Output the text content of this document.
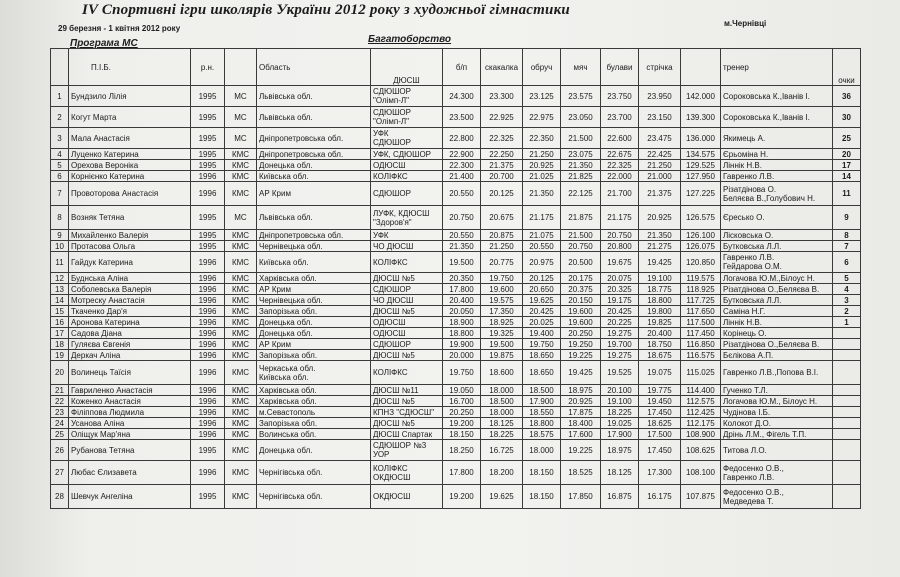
IV Спортивні ігри школярів України 2012 року з художньої гімнастики
29 березня - 1 квітня 2012 року
м.Чернівці
Програма МС	Багатоборство
	П.І.Б.	р.н.		Область	ДЮСШ	б/п	скакалка	обруч	мяч	булави	стрічка		тренер	очки
1	Бундзило Лілія	1995	МС	Львівська обл.	СДЮШОР
"Олімп-Л"	24.300	23.300	23.125	23.575	23.750	23.950	142.000	Сороковська К.,Іванів І.	36
2	Когут Марта	1995	МС	Львівська обл.	СДЮШОР
"Олімп-Л"	23.500	22.925	22.975	23.050	23.700	23.150	139.300	Сороковська К.,Іванів І.	30
3	Мала Анастасія	1995	МС	Дніпропетровська обл.	УФК
СДЮШОР	22.800	22.325	22.350	21.500	22.600	23.475	136.000	Якимець А.	25
4	Луценко Катерина	1995	КМС	Дніпропетровська обл.	УФК, СДЮШОР	22.900	22.250	21.250	23.075	22.675	22.425	134.575	Єрьоміна Н.	20
5	Орехова Вероніка	1995	КМС	Донецька обл.	ОДЮСШ	22.300	21.375	20.925	21.350	22.325	21.250	129.525	Ліннік Н.В.	17
6	Корнієнко Катерина	1996	КМС	Київська обл.	КОЛІФКС	21.400	20.700	21.025	21.825	22.000	21.000	127.950	Гавренко Л.В.	14
7	Провоторова Анастасія	1996	КМС	АР Крим	СДЮШОР	20.550	20.125	21.350	22.125	21.700	21.375	127.225	Різатдінова О.
Беляєва В.,Голубович Н.	11
8	Возняк Тетяна	1995	МС	Львівська обл.	ЛУФК, КДЮСШ
"Здоров'я"	20.750	20.675	21.175	21.875	21.175	20.925	126.575	Єресько О.	9
9	Михайленко Валерія	1995	КМС	Дніпропетровська обл.	УФК	20.550	20.875	21.075	21.500	20.750	21.350	126.100	Лісковська О.	8
10	Протасова Ольга	1995	КМС	Чернівецька обл.	ЧО ДЮСШ	21.350	21.250	20.550	20.750	20.800	21.275	126.075	Бутковська Л.Л.	7
11	Гайдук Катерина	1996	КМС	Київська обл.	КОЛІФКС	19.500	20.775	20.975	20.500	19.675	19.425	120.850	Гавренко Л.В.
Гейдарова О.М.	6
12	Буднська Аліна	1996	КМС	Харківська обл.	ДЮСШ №5	20.350	19.750	20.125	20.175	20.075	19.100	119.575	Логачова Ю.М.,Білоус Н.	5
13	Соболевська Валерія	1996	КМС	АР Крим	СДЮШОР	17.800	19.600	20.650	20.375	20.325	18.775	118.925	Різатдінова О.,Беляєва В.	4
14	Мотреску Анастасія	1996	КМС	Чернівецька обл.	ЧО ДЮСШ	20.400	19.575	19.625	20.150	19.175	18.800	117.725	Бутковська Л.Л.	3
15	Ткаченко Дар'я	1996	КМС	Запорізька обл.	ДЮСШ №5	20.050	17.350	20.425	19.600	20.425	19.800	117.650	Саміна Н.Г.	2
16	Аронова Катерина	1996	КМС	Донецька обл.	ОДЮСШ	18.900	18.925	20.025	19.600	20.225	19.825	117.500	Ліннік Н.В.	1
17	Садова Діана	1996	КМС	Донецька обл.	ОДЮСШ	18.800	19.325	19.400	20.250	19.275	20.400	117.450	Корінець О.	

18	Гуляєва Євгенія	1996	КМС	АР Крим	СДЮШОР	19.900	19.500	19.750	19.250	19.700	18.750	116.850	Різатдінова О.,Беляєва В.	

19	Деркач Аліна	1996	КМС	Запорізька обл.	ДЮСШ №5	20.000	19.875	18.650	19.225	19.275	18.675	116.575	Бєлікова А.П.	

20	Волинець Таїсія	1996	КМС	Черкаська обл.
Київська обл.	КОЛІФКС	19.750	18.600	18.650	19.425	19.525	19.075	115.025	Гавренко Л.В.,Попова В.І.	

21	Гавриленко Анастасія	1996	КМС	Харківська обл.	ДЮСШ №11	19.050	18.000	18.500	18.975	20.100	19.775	114.400	Гученко Т.Л.	

22	Коженко Анастасія	1996	КМС	Харківська обл.	ДЮСШ №5	16.700	18.500	17.900	20.925	19.100	19.450	112.575	Логачова Ю.М., Білоус Н.	

23	Філіппова Людмила	1996	КМС	м.Севастополь	КПНЗ "СДЮСШ"	20.250	18.000	18.550	17.875	18.225	17.450	112.425	Чудінова І.Б.	

24	Усанова Аліна	1996	КМС	Запорізька обл.	ДЮСШ №5	19.200	18.125	18.800	18.400	19.025	18.625	112.175	Колокот Д.О.	

25	Оліщук Мар'яна	1996	КМС	Волинська обл.	ДЮСШ Спартак	18.150	18.225	18.575	17.600	17.900	17.500	108.900	Дрінь Л.М., Фігель Т.П.	

26	Рубанова Тетяна	1995	КМС	Донецька обл.	СДЮШОР №3
УОР	18.250	16.725	18.000	19.225	18.975	17.450	108.625	Титова Л.О.	

27	Любас Єлизавета	1996	КМС	Чернігівська обл.	КОЛІФКС
ОКДЮСШ	17.800	18.200	18.150	18.525	18.125	17.300	108.100	Федосенко О.В.,
Гавренко Л.В.	

28	Шевчук Ангеліна	1995	КМС	Чернігівська обл.	ОКДЮСШ	19.200	19.625	18.150	17.850	16.875	16.175	107.875	Федосенко О.В.,
Медведева Т.	
